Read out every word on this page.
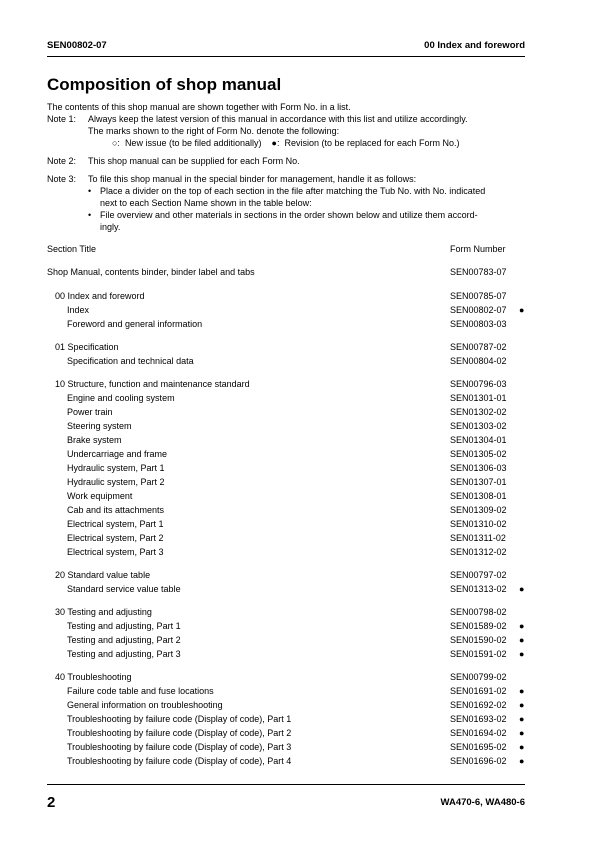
SEN00802-07	00 Index and foreword
Composition of shop manual
The contents of this shop manual are shown together with Form No. in a list.
Note 1: Always keep the latest version of this manual in accordance with this list and utilize accordingly.
The marks shown to the right of Form No. denote the following:
○:  New issue (to be filed additionally)    ●:  Revision (to be replaced for each Form No.)
Note 2: This shop manual can be supplied for each Form No.
Note 3: To file this shop manual in the special binder for management, handle it as follows:
• Place a divider on the top of each section in the file after matching the Tub No. with No. indicated
next to each Section Name shown in the table below:
• File overview and other materials in sections in the order shown below and utilize them accord-
ingly.
Section Title	Form Number
Shop Manual, contents binder, binder label and tabs	SEN00783-07
00 Index and foreword	SEN00785-07
Index	SEN00802-07 ●
Foreword and general information	SEN00803-03
01 Specification	SEN00787-02
Specification and technical data	SEN00804-02
10 Structure, function and maintenance standard	SEN00796-03
Engine and cooling system	SEN01301-01
Power train	SEN01302-02
Steering system	SEN01303-02
Brake system	SEN01304-01
Undercarriage and frame	SEN01305-02
Hydraulic system, Part 1	SEN01306-03
Hydraulic system, Part 2	SEN01307-01
Work equipment	SEN01308-01
Cab and its attachments	SEN01309-02
Electrical system, Part 1	SEN01310-02
Electrical system, Part 2	SEN01311-02
Electrical system, Part 3	SEN01312-02
20 Standard value table	SEN00797-02
Standard service value table	SEN01313-02 ●
30 Testing and adjusting	SEN00798-02
Testing and adjusting, Part 1	SEN01589-02 ●
Testing and adjusting, Part 2	SEN01590-02 ●
Testing and adjusting, Part 3	SEN01591-02 ●
40 Troubleshooting	SEN00799-02
Failure code table and fuse locations	SEN01691-02 ●
General information on troubleshooting	SEN01692-02 ●
Troubleshooting by failure code (Display of code), Part 1	SEN01693-02 ●
Troubleshooting by failure code (Display of code), Part 2	SEN01694-02 ●
Troubleshooting by failure code (Display of code), Part 3	SEN01695-02 ●
Troubleshooting by failure code (Display of code), Part 4	SEN01696-02 ●
2	WA470-6, WA480-6
